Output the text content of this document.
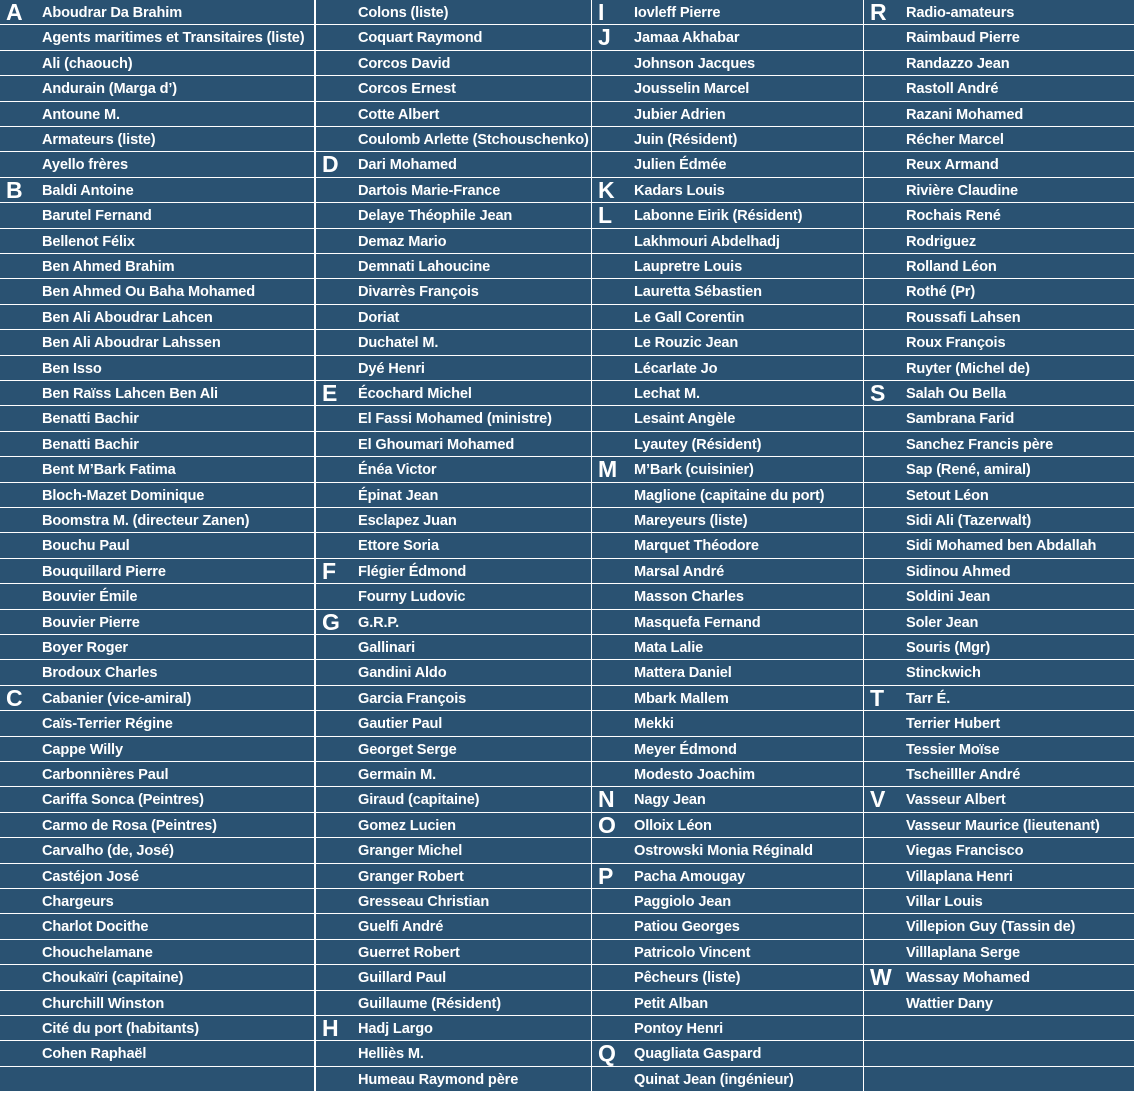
A Aboudrar Da Brahim
Agents maritimes et Transitaires (liste)
Ali (chaouch)
Andurain (Marga d’)
Antoune M.
Armateurs (liste)
Ayello frères
B Baldi Antoine
Barutel Fernand
Bellenot Félix
Ben Ahmed Brahim
Ben Ahmed Ou Baha Mohamed
Ben Ali Aboudrar Lahcen
Ben Ali Aboudrar Lahssen
Ben Isso
Ben Raïss Lahcen Ben Ali
Benatti Bachir
Benatti Bachir
Bent M’Bark Fatima
Bloch-Mazet Dominique
Boomstra M. (directeur Zanen)
Bouchu Paul
Bouquillard Pierre
Bouvier Émile
Bouvier Pierre
Boyer Roger
Brodoux Charles
C Cabanier (vice-amiral)
Caïs-Terrier Régine
Cappe Willy
Carbonnières Paul
Cariffa Sonca (Peintres)
Carmo de Rosa (Peintres)
Carvalho (de, José)
Castéjon José
Chargeurs
Charlot Docithe
Chouchelamane
Choukaïri (capitaine)
Churchill Winston
Cité du port (habitants)
Cohen Raphaël
Colons (liste)
Coquart Raymond
Corcos David
Corcos Ernest
Cotte Albert
Coulomb Arlette (Stchouschenko)
D Dari Mohamed
Dartois Marie-France
Delaye Théophile Jean
Demaz Mario
Demnati Lahoucine
Divarrès François
Doriat
Duchatel M.
Dyé Henri
E Écochard Michel
El Fassi Mohamed (ministre)
El Ghoumari Mohamed
Énéa Victor
Épinat Jean
Esclapez Juan
Ettore Soria
F Flégier Édmond
Fourny Ludovic
G G.R.P.
Gallinari
Gandini Aldo
Garcia François
Gautier Paul
Georget Serge
Germain M.
Giraud (capitaine)
Gomez Lucien
Granger Michel
Granger Robert
Gresseau Christian
Guelfi André
Guerret Robert
Guillard Paul
Guillaume (Résident)
H Hadj Largo
Helliès M.
Humeau Raymond père
I Iovleff Pierre
J Jamaa Akhabar
Johnson Jacques
Jousselin Marcel
Jubier Adrien
Juin (Résident)
Julien Édmée
K Kadars Louis
L Labonne Eirik (Résident)
Lakhmouri Abdelhadj
Laupretre Louis
Lauretta Sébastien
Le Gall Corentin
Le Rouzic Jean
Lécarlate Jo
Lechat M.
Lesaint Angèle
Lyautey (Résident)
M M’Bark (cuisinier)
Maglione (capitaine du port)
Mareyeurs (liste)
Marquet Théodore
Marsal André
Masson Charles
Masquefa Fernand
Mata Lalie
Mattera Daniel
Mbark Mallem
Mekki
Meyer Édmond
Modesto Joachim
N Nagy Jean
O Olloix Léon
Ostrowski Monia Réginald
P Pacha Amougay
Paggiolo Jean
Patiou Georges
Patricolo Vincent
Pêcheurs (liste)
Petit Alban
Pontoy Henri
Q Quagliata Gaspard
Quinat Jean (ingénieur)
R Radio-amateurs
Raimbaud Pierre
Randazzo Jean
Rastoll André
Razani Mohamed
Récher Marcel
Reux Armand
Rivière Claudine
Rochais René
Rodriguez
Rolland Léon
Rothé (Pr)
Roussafi Lahsen
Roux François
Ruyter (Michel de)
S Salah Ou Bella
Sambrana Farid
Sanchez Francis père
Sap (René, amiral)
Setout Léon
Sidi Ali (Tazerwalt)
Sidi Mohamed ben Abdallah
Sidinou Ahmed
Soldini Jean
Soler Jean
Souris (Mgr)
Stinckwich
T Tarr É.
Terrier Hubert
Tessier Moïse
Tscheilller André
V Vasseur Albert
Vasseur Maurice (lieutenant)
Viegas Francisco
Villaplana Henri
Villar Louis
Villepion Guy (Tassin de)
Villlaplana Serge
W Wassay Mohamed
Wattier Dany
